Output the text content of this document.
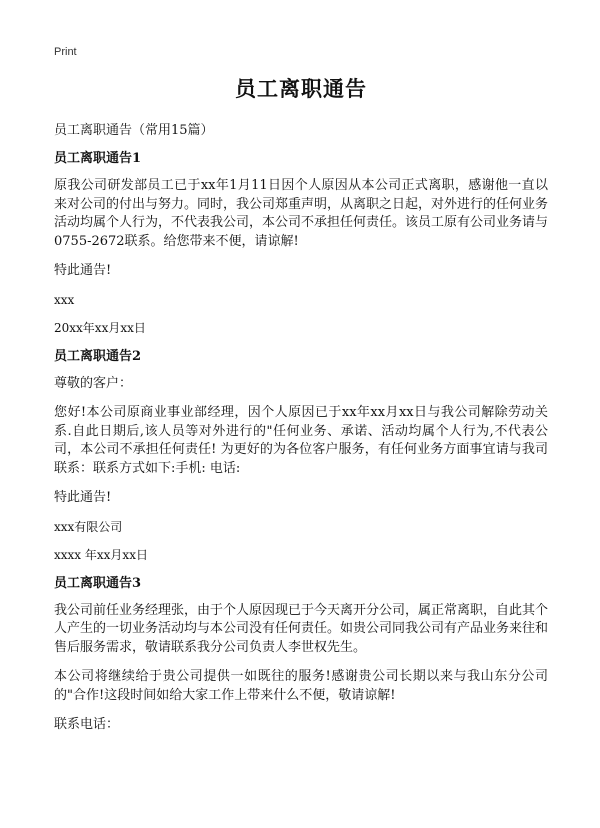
Print
员工离职通告
员工离职通告（常用15篇）
员工离职通告1
原我公司研发部员工已于xx年1月11日因个人原因从本公司正式离职，感谢他一直以来对公司的付出与努力。同时，我公司郑重声明，从离职之日起，对外进行的任何业务活动均属个人行为，不代表我公司，本公司不承担任何责任。该员工原有公司业务请与0755-2672联系。给您带来不便，请谅解!
特此通告!
xxx
20xx年xx月xx日
员工离职通告2
尊敬的客户：
您好!本公司原商业事业部经理，因个人原因已于xx年xx月xx日与我公司解除劳动关系.自此日期后,该人员等对外进行的"任何业务、承诺、活动均属个人行为,不代表公司，本公司不承担任何责任! 为更好的为各位客户服务，有任何业务方面事宜请与我司联系：联系方式如下:手机: 电话:
特此通告!
xxx有限公司
xxxx 年xx月xx日
员工离职通告3
我公司前任业务经理张，由于个人原因现已于今天离开分公司，属正常离职，自此其个人产生的一切业务活动均与本公司没有任何责任。如贵公司同我公司有产品业务来往和售后服务需求，敬请联系我分公司负责人李世权先生。
本公司将继续给于贵公司提供一如既往的服务!感谢贵公司长期以来与我山东分公司的"合作!这段时间如给大家工作上带来什么不便，敬请谅解!
联系电话：
